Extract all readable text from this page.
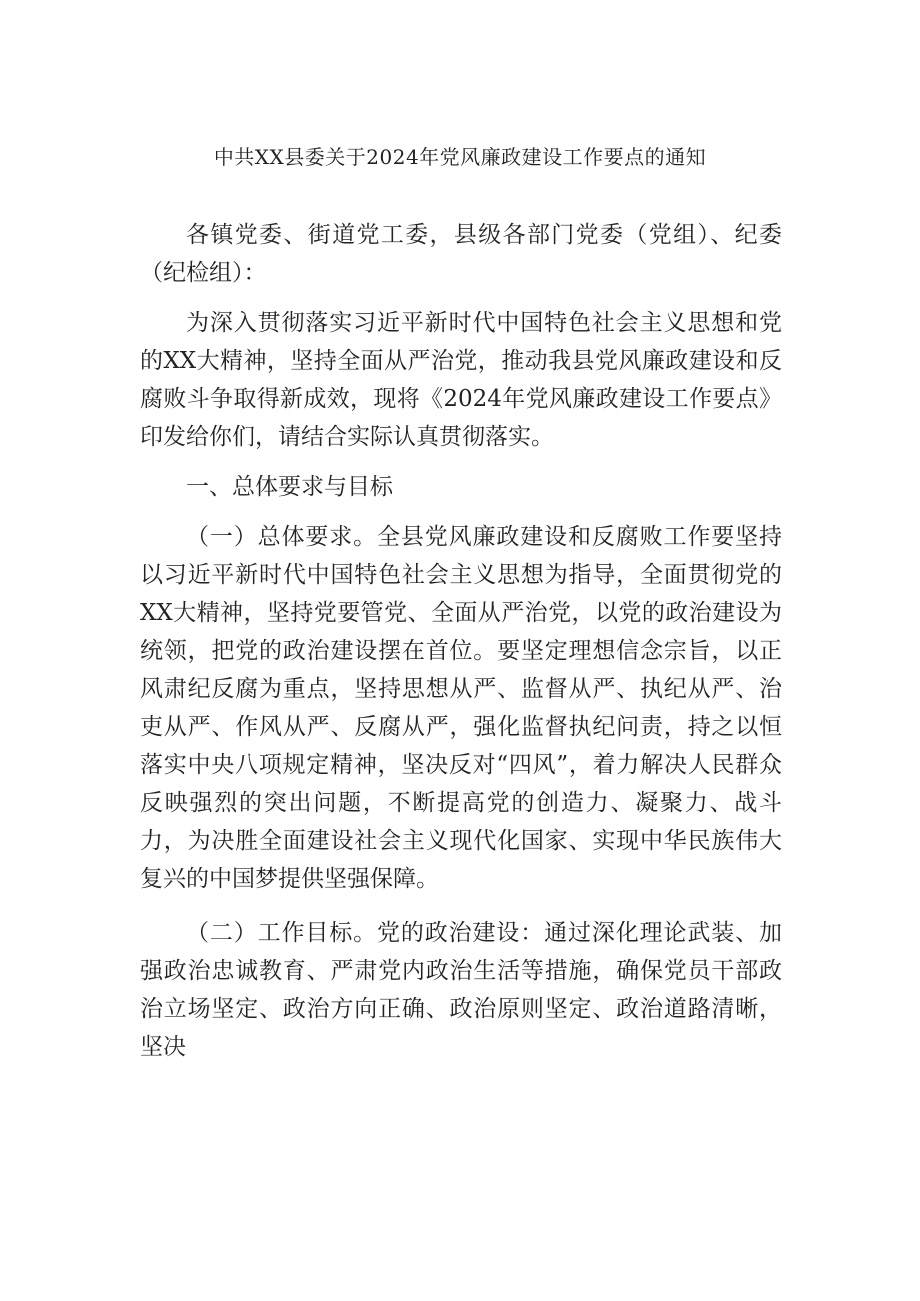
中共XX县委关于2024年党风廉政建设工作要点的通知

各镇党委、街道党工委，县级各部门党委（党组）、纪委（纪检组）：

为深入贯彻落实习近平新时代中国特色社会主义思想和党的XX大精神，坚持全面从严治党，推动我县党风廉政建设和反腐败斗争取得新成效，现将《2024年党风廉政建设工作要点》印发给你们，请结合实际认真贯彻落实。

一、总体要求与目标

（一）总体要求。全县党风廉政建设和反腐败工作要坚持以习近平新时代中国特色社会主义思想为指导，全面贯彻党的XX大精神，坚持党要管党、全面从严治党，以党的政治建设为统领，把党的政治建设摆在首位。要坚定理想信念宗旨，以正风肃纪反腐为重点，坚持思想从严、监督从严、执纪从严、治吏从严、作风从严、反腐从严，强化监督执纪问责，持之以恒落实中央八项规定精神，坚决反对“四风”，着力解决人民群众反映强烈的突出问题，不断提高党的创造力、凝聚力、战斗力，为决胜全面建设社会主义现代化国家、实现中华民族伟大复兴的中国梦提供坚强保障。

（二）工作目标。党的政治建设：通过深化理论武装、加强政治忠诚教育、严肃党内政治生活等措施，确保党员干部政治立场坚定、政治方向正确、政治原则坚定、政治道路清晰，坚决
